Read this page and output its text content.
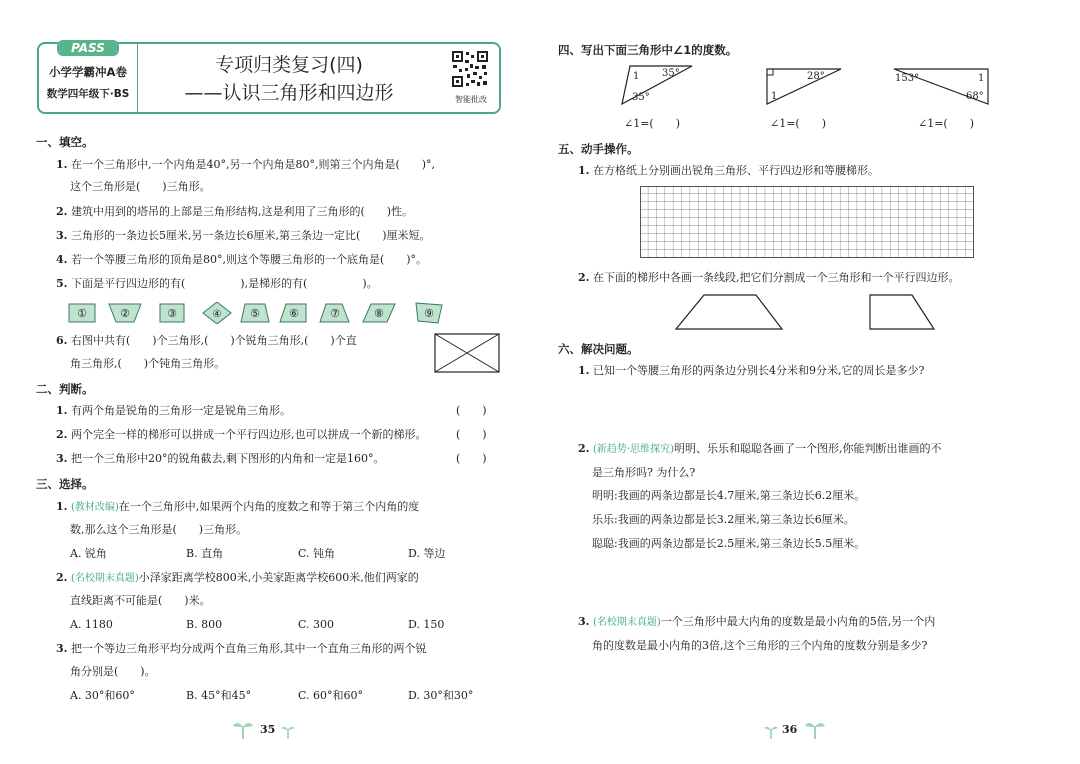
PASS
小学学霸冲A卷
数学四年级下·BS
专项归类复习(四)
——认识三角形和四边形	智能批改
一、填空。
1. 在一个三角形中,一个内角是40°,另一个内角是80°,则第三个内角是(　　)°,
这个三角形是(　　)三角形。
2. 建筑中用到的塔吊的上部是三角形结构,这是利用了三角形的(　　)性。
3. 三角形的一条边长5厘米,另一条边长6厘米,第三条边一定比(　　)厘米短。
4. 若一个等腰三角形的顶角是80°,则这个等腰三角形的一个底角是(　　)°。
5. 下面是平行四边形的有(　　　　　),是梯形的有(　　　　　)。
①	②	③	④	⑤	⑥	⑦	⑧	⑨
6. 右图中共有(　　)个三角形,(　　)个锐角三角形,(　　)个直
角三角形,(　　)个钝角三角形。
二、判断。
1. 有两个角是锐角的三角形一定是锐角三角形。	(　　)
2. 两个完全一样的梯形可以拼成一个平行四边形,也可以拼成一个新的梯形。	(　　)
3. 把一个三角形中20°的锐角截去,剩下图形的内角和一定是160°。	(　　)
三、选择。
1. (教材改编)在一个三角形中,如果两个内角的度数之和等于第三个内角的度
数,那么这个三角形是(　　)三角形。
A. 锐角	B. 直角	C. 钝角	D. 等边
2. (名校期末真题)小泽家距离学校800米,小美家距离学校600米,他们两家的
直线距离不可能是(　　)米。
A. 1180	B. 800	C. 300	D. 150
3. 把一个等边三角形平均分成两个直角三角形,其中一个直角三角形的两个锐
角分别是(　　)。
A. 30°和60°	B. 45°和45°	C. 60°和60°	D. 30°和30°
35
四、写出下面三角形中∠1的度数。
1 35°
35°
∠1=(　　)
28°
1
∠1=(　　)
153°	1
68°
∠1=(　　)
五、动手操作。
1. 在方格纸上分别画出锐角三角形、平行四边形和等腰梯形。
2. 在下面的梯形中各画一条线段,把它们分割成一个三角形和一个平行四边形。
六、解决问题。
1. 已知一个等腰三角形的两条边分别长4分米和9分米,它的周长是多少?
2. (新趋势·思维探究)明明、乐乐和聪聪各画了一个图形,你能判断出谁画的不
是三角形吗? 为什么?
明明:我画的两条边都是长4.7厘米,第三条边长6.2厘米。
乐乐:我画的两条边都是长3.2厘米,第三条边长6厘米。
聪聪:我画的两条边都是长2.5厘米,第三条边长5.5厘米。
3. (名校期末真题)一个三角形中最大内角的度数是最小内角的5倍,另一个内
角的度数是最小内角的3倍,这个三角形的三个内角的度数分别是多少?
36
